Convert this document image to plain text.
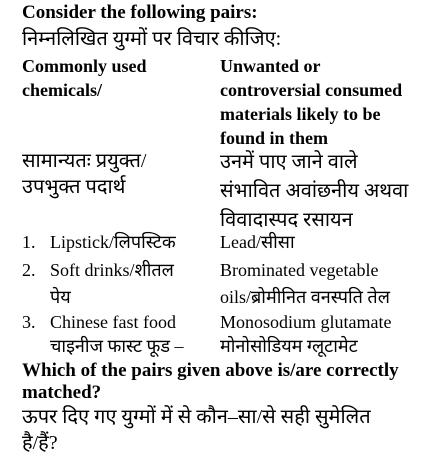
Consider the following pairs:
निम्नलिखित युग्मों पर विचार कीजिए:
Commonly used
chemicals/
Unwanted or
controversial consumed
materials likely to be
found in them
सामान्यतः प्रयुक्त/
उपभुक्त पदार्थ
उनमें पाए जाने वाले
संभावित अवांछनीय अथवा
विवादास्पद रसायन
1. Lipstick/लिपस्टिक Lead/सीसा
2. Soft drinks/शीतल
पेय
Brominated vegetable
oils/ब्रोमीनित वनस्पति तेल
3. Chinese fast food
चाइनीज फास्ट फूड –
Monosodium glutamate
मोनोसोडियम ग्लूटामेट
Which of the pairs given above is/are correctly
matched?
ऊपर दिए गए युग्मों में से कौन–सा/से सही सुमेलित
है/हैं?
